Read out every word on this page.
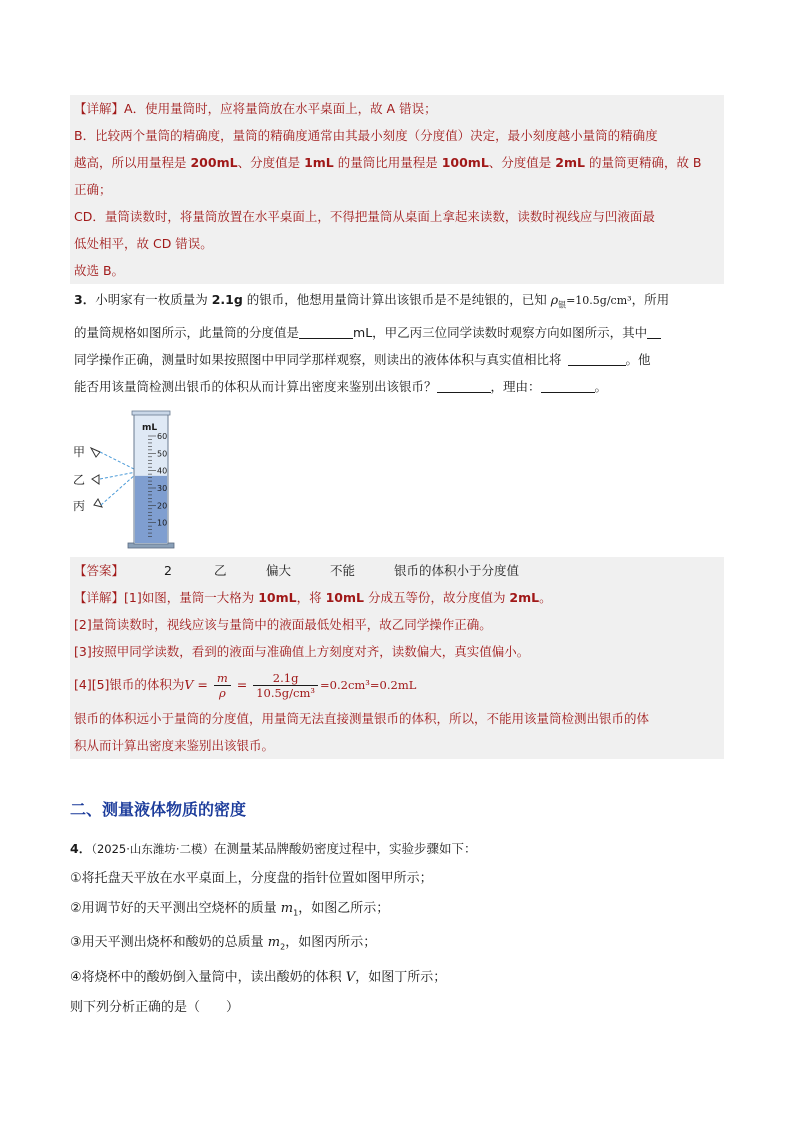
【详解】A．使用量筒时，应将量筒放在水平桌面上，故 A 错误；
B．比较两个量筒的精确度，量筒的精确度通常由其最小刻度（分度值）决定，最小刻度越小量筒的精确度
越高，所以用量程是 200mL、分度值是 1mL 的量筒比用量程是 100mL、分度值是 2mL 的量筒更精确，故 B
正确；
CD．量筒读数时，将量筒放置在水平桌面上，不得把量筒从桌面上拿起来读数，读数时视线应与凹液面最
低处相平，故 CD 错误。
故选 B。
3．小明家有一枚质量为 2.1g 的银币，他想用量筒计算出该银币是不是纯银的，已知 $\rho_银=10.5g$/cm³，所用
的量筒规格如图所示，此量筒的分度值是	mL，甲乙丙三位同学读数时观察方向如图所示，其中
同学操作正确，测量时如果按照图中甲同学那样观察，则读出的液体体积与真实值相比将	。他
能否用该量筒检测出银币的体积从而计算出密度来鉴别出该银币？	，理由：	。
甲
乙
丙
mL
60
50
40
30
20
10
【答案】	2	乙	偏大	不能	银币的体积小于分度值
【详解】[1]如图，量筒一大格为 10mL，将 10mL 分成五等份，故分度值为 2mL。
[2]量筒读数时，视线应该与量筒中的液面最低处相平，故乙同学操作正确。
[3]按照甲同学读数，看到的液面与准确值上方刻度对齐，读数偏大，真实值偏小。
[4][5]银币的体积为$V = \frac{m}{\rho} = \frac{2.1g}{\text{10.5g/cm³}} =0.2cm^3=0.2mL$
银币的体积远小于量筒的分度值，用量筒无法直接测量银币的体积，所以，不能用该量筒检测出银币的体
积从而计算出密度来鉴别出该银币。
二、测量液体物质的密度
4．（2025·山东潍坊·二模）在测量某品牌酸奶密度过程中，实验步骤如下：
①将托盘天平放在水平桌面上，分度盘的指针位置如图甲所示；
②用调节好的天平测出空烧杯的质量 $m_1$，如图乙所示；
③用天平测出烧杯和酸奶的总质量 $m_2$，如图丙所示；
④将烧杯中的酸奶倒入量筒中，读出酸奶的体积 V，如图丁所示；
则下列分析正确的是（　　）
